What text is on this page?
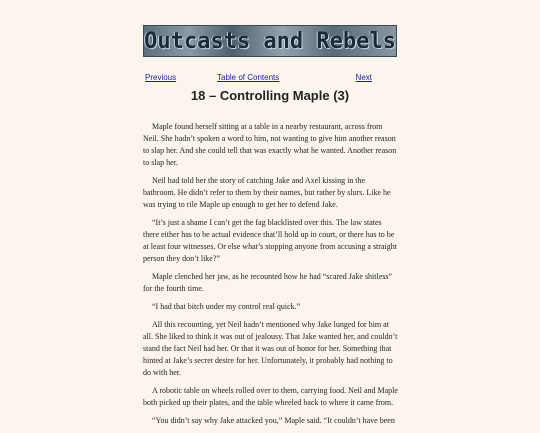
Outcasts and Rebels
Previous	Table of Contents	Next
18 – Controlling Maple (3)

Maple found herself sitting at a table in a nearby restaurant, across from Neil. She hadn’t spoken a word to him, not wanting to give him another reason to slap her. And she could tell that was exactly what he wanted. Another reason to slap her.

Neil had told her the story of catching Jake and Axel kissing in the bathroom. He didn’t refer to them by their names, but rather by slurs. Like he was trying to rile Maple up enough to get her to defend Jake.

“It’s just a shame I can’t get the fag blacklisted over this. The law states there either has to be actual evidence that’ll hold up in court, or there has to be at least four witnesses. Or else what’s stopping anyone from accusing a straight person they don’t like?”

Maple clenched her jaw, as he recounted how he had “scared Jake shitless” for the fourth time.

“I had that bitch under my control real quick.”

All this recounting, yet Neil hadn’t mentioned why Jake lunged for him at all. She liked to think it was out of jealousy. That Jake wanted her, and couldn’t stand the fact Neil had her. Or that it was out of honor for her. Something that hinted at Jake’s secret desire for her. Unfortunately, it probably had nothing to do with her.

A robotic table on wheels rolled over to them, carrying food. Neil and Maple both picked up their plates, and the table wheeled back to where it came from.

“You didn’t say why Jake attacked you,” Maple said. “It couldn’t have been
